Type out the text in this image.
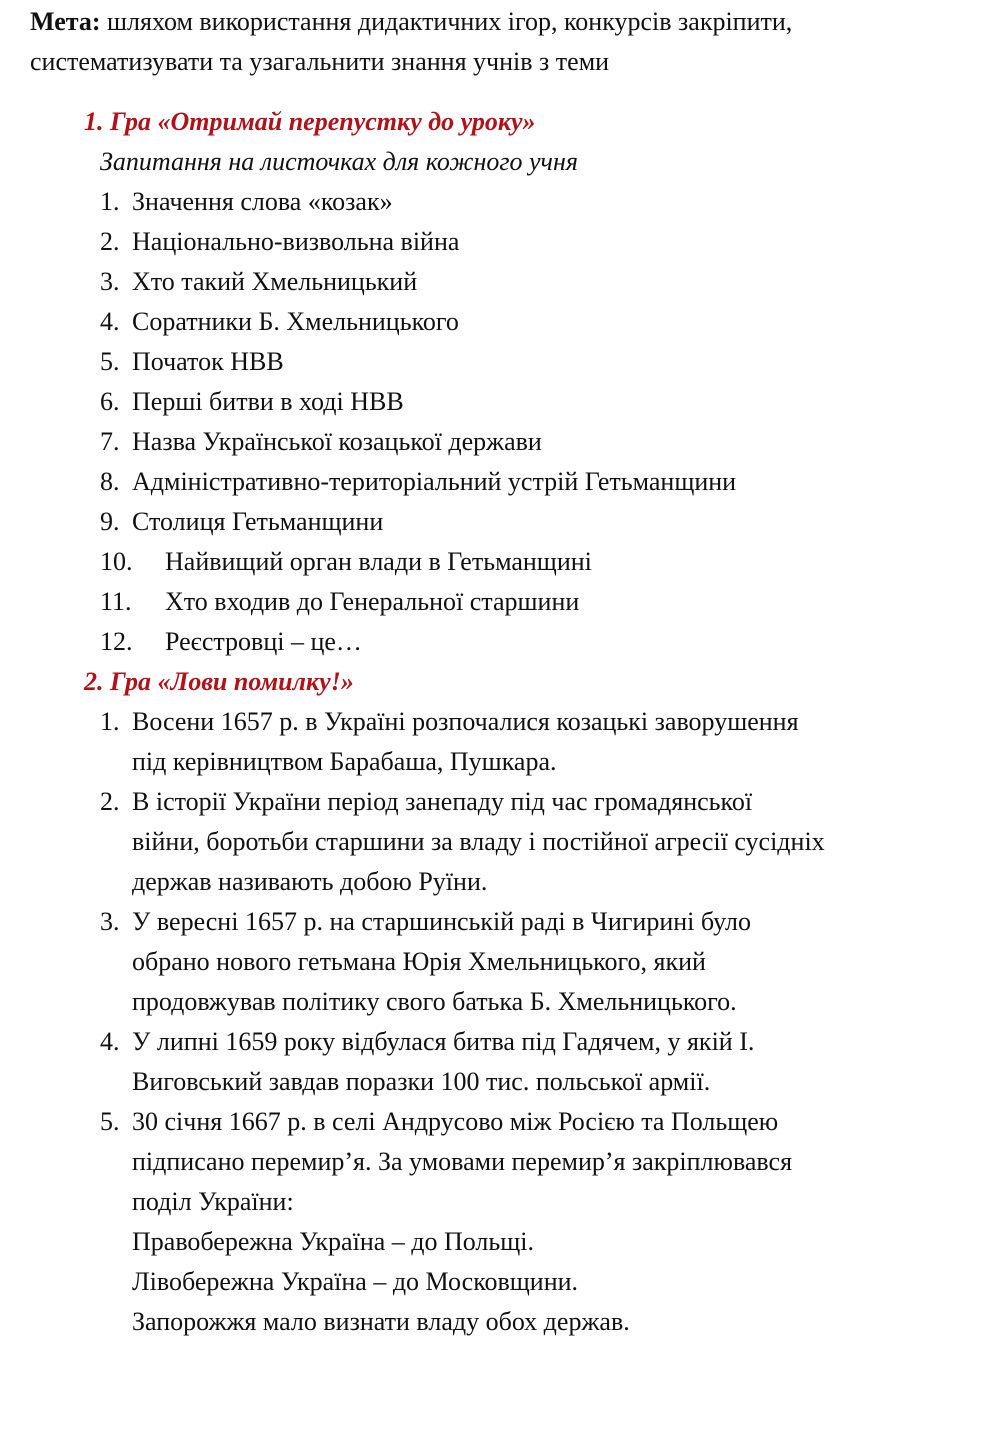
Мета: шляхом використання дидактичних ігор, конкурсів закріпити,
систематизувати та узагальнити знання учнів з теми
1. Гра «Отримай перепустку до уроку»
Запитання на листочках для кожного учня
1. Значення слова «козак»
2. Національно-визвольна війна
3. Хто такий Хмельницький
4. Соратники Б. Хмельницького
5. Початок НВВ
6. Перші битви в ході НВВ
7. Назва Української козацької держави
8. Адміністративно-територіальний устрій Гетьманщини
9. Столиця Гетьманщини
10. Найвищий орган влади в Гетьманщині
11. Хто входив до Генеральної старшини
12. Реєстровці – це…
2. Гра «Лови помилку!»
1. Восени 1657 р. в Україні розпочалися козацькі заворушення
під керівництвом Барабаша, Пушкара.
2. В історії України період занепаду під час громадянської
війни, боротьби старшини за владу і постійної агресії сусідніх
держав називають добою Руїни.
3. У вересні 1657 р. на старшинській раді в Чигирині було
обрано нового гетьмана Юрія Хмельницького, який
продовжував політику свого батька Б. Хмельницького.
4. У липні 1659 року відбулася битва під Гадячем, у якій І.
Виговський завдав поразки 100 тис. польської армії.
5. 30 січня 1667 р. в селі Андрусово між Росією та Польщею
підписано перемир’я. За умовами перемир’я закріплювався
поділ України:
Правобережна Україна – до Польщі.
Лівобережна Україна – до Московщини.
Запорожжя мало визнати владу обох держав.
